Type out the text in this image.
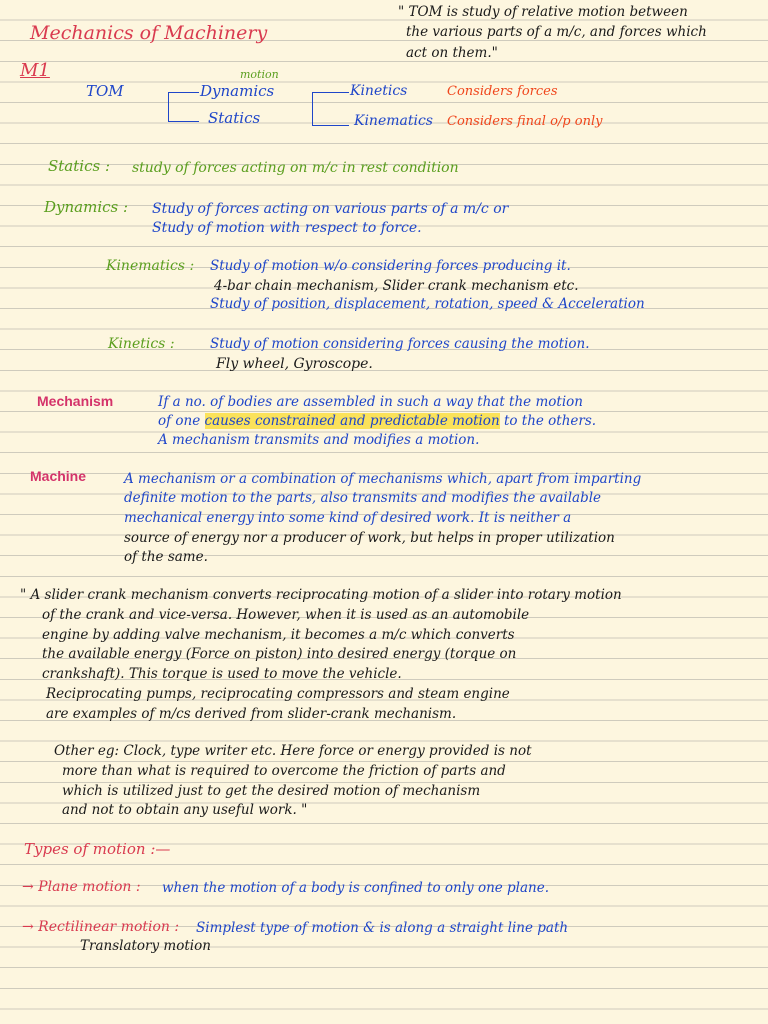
Mechanics of Machinery
" TOM is study of relative motion between
the various parts of a m/c, and forces which
act on them."
M1
TOM
motion
Dynamics
Statics
Kinetics	Considers forces
Kinematics Considers final o/p only
Statics : study of forces acting on m/c in rest condition
Dynamics : Study of forces acting on various parts of a m/c or
Study of motion with respect to force.
Kinematics : Study of motion w/o considering forces producing it.
4-bar chain mechanism, Slider crank mechanism etc.
Study of position, displacement, rotation, speed & Acceleration
Kinetics :	Study of motion considering forces causing the motion.
Fly wheel, Gyroscope.
Mechanism	If a no. of bodies are assembled in such a way that the motion
of one causes constrained and predictable motion to the others.
A mechanism transmits and modifies a motion.
Machine	A mechanism or a combination of mechanisms which, apart from imparting
definite motion to the parts, also transmits and modifies the available
mechanical energy into some kind of desired work. It is neither a
source of energy nor a producer of work, but helps in proper utilization
of the same.
" A slider crank mechanism converts reciprocating motion of a slider into rotary motion
of the crank and vice-versa. However, when it is used as an automobile
engine by adding valve mechanism, it becomes a m/c which converts
the available energy (Force on piston) into desired energy (torque on
crankshaft). This torque is used to move the vehicle.
Reciprocating pumps, reciprocating compressors and steam engine
are examples of m/cs derived from slider-crank mechanism.
Other eg: Clock, type writer etc. Here force or energy provided is not
more than what is required to overcome the friction of parts and
which is utilized just to get the desired motion of mechanism
and not to obtain any useful work. "
Types of motion :—
→ Plane motion : when the motion of a body is confined to only one plane.
→ Rectilinear motion : Simplest type of motion & is along a straight line path
Translatory motion
